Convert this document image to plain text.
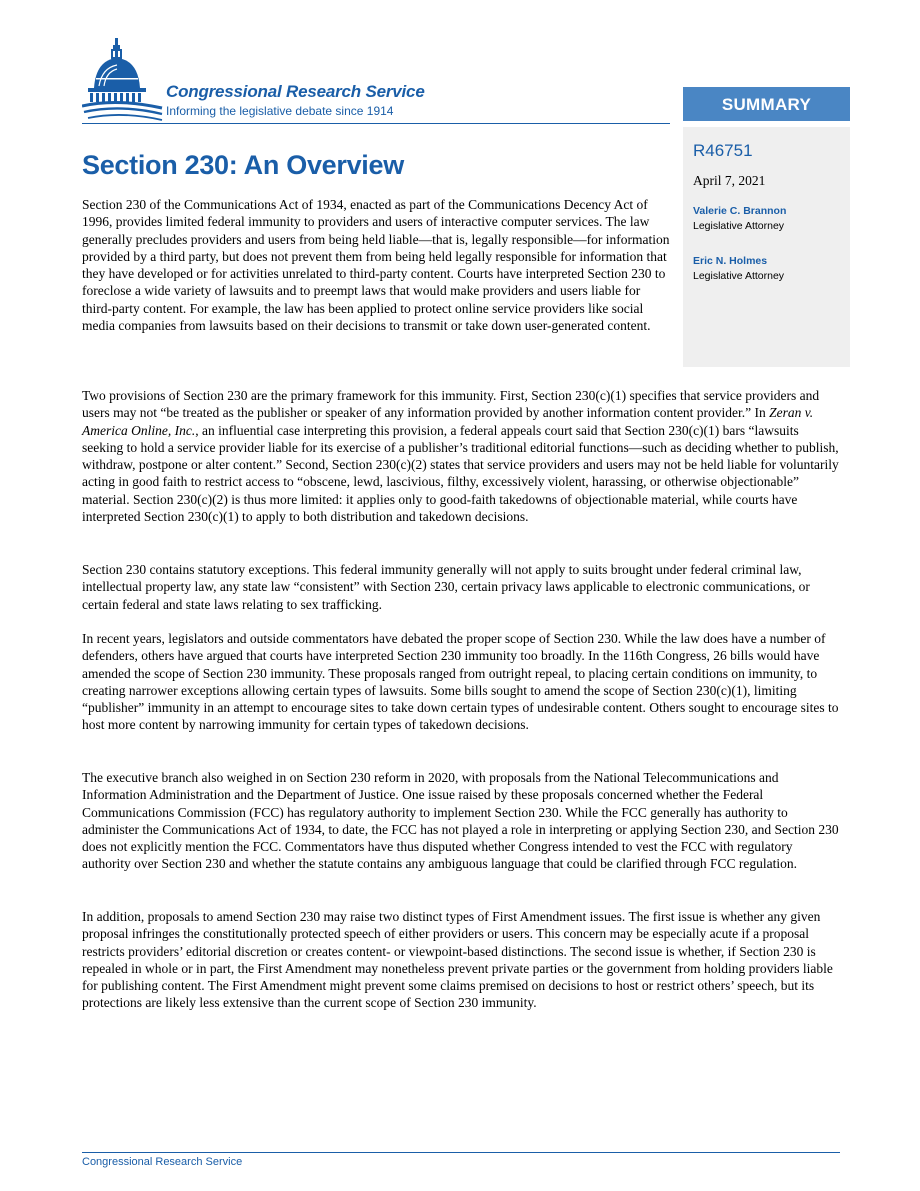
Congressional Research Service
Informing the legislative debate since 1914	SUMMARY
R46751
April 7, 2021
Valerie C. Brannon
Legislative Attorney
Eric N. Holmes
Legislative Attorney
Section 230: An Overview

Section 230 of the Communications Act of 1934, enacted as part of the Communications Decency Act of 1996, provides limited federal immunity to providers and users of interactive computer services. The law generally precludes providers and users from being held liable—that is, legally responsible—for information provided by a third party, but does not prevent them from being held legally responsible for information that they have developed or for activities unrelated to third-party content. Courts have interpreted Section 230 to foreclose a wide variety of lawsuits and to preempt laws that would make providers and users liable for third-party content. For example, the law has been applied to protect online service providers like social media companies from lawsuits based on their decisions to transmit or take down user-generated content.

Two provisions of Section 230 are the primary framework for this immunity. First, Section 230(c)(1) specifies that service providers and users may not “be treated as the publisher or speaker of any information provided by another information content provider.” In Zeran v. America Online, Inc., an influential case interpreting this provision, a federal appeals court said that Section 230(c)(1) bars “lawsuits seeking to hold a service provider liable for its exercise of a publisher’s traditional editorial functions—such as deciding whether to publish, withdraw, postpone or alter content.” Second, Section 230(c)(2) states that service providers and users may not be held liable for voluntarily acting in good faith to restrict access to “obscene, lewd, lascivious, filthy, excessively violent, harassing, or otherwise objectionable” material. Section 230(c)(2) is thus more limited: it applies only to good-faith takedowns of objectionable material, while courts have interpreted Section 230(c)(1) to apply to both distribution and takedown decisions.

Section 230 contains statutory exceptions. This federal immunity generally will not apply to suits brought under federal criminal law, intellectual property law, any state law “consistent” with Section 230, certain privacy laws applicable to electronic communications, or certain federal and state laws relating to sex trafficking.

In recent years, legislators and outside commentators have debated the proper scope of Section 230. While the law does have a number of defenders, others have argued that courts have interpreted Section 230 immunity too broadly. In the 116th Congress, 26 bills would have amended the scope of Section 230 immunity. These proposals ranged from outright repeal, to placing certain conditions on immunity, to creating narrower exceptions allowing certain types of lawsuits. Some bills sought to amend the scope of Section 230(c)(1), limiting “publisher” immunity in an attempt to encourage sites to take down certain types of undesirable content. Others sought to encourage sites to host more content by narrowing immunity for certain types of takedown decisions.

The executive branch also weighed in on Section 230 reform in 2020, with proposals from the National Telecommunications and Information Administration and the Department of Justice. One issue raised by these proposals concerned whether the Federal Communications Commission (FCC) has regulatory authority to implement Section 230. While the FCC generally has authority to administer the Communications Act of 1934, to date, the FCC has not played a role in interpreting or applying Section 230, and Section 230 does not explicitly mention the FCC. Commentators have thus disputed whether Congress intended to vest the FCC with regulatory authority over Section 230 and whether the statute contains any ambiguous language that could be clarified through FCC regulation.

In addition, proposals to amend Section 230 may raise two distinct types of First Amendment issues. The first issue is whether any given proposal infringes the constitutionally protected speech of either providers or users. This concern may be especially acute if a proposal restricts providers’ editorial discretion or creates content- or viewpoint-based distinctions. The second issue is whether, if Section 230 is repealed in whole or in part, the First Amendment may nonetheless prevent private parties or the government from holding providers liable for publishing content. The First Amendment might prevent some claims premised on decisions to host or restrict others’ speech, but its protections are likely less extensive than the current scope of Section 230 immunity.

Congressional Research Service
